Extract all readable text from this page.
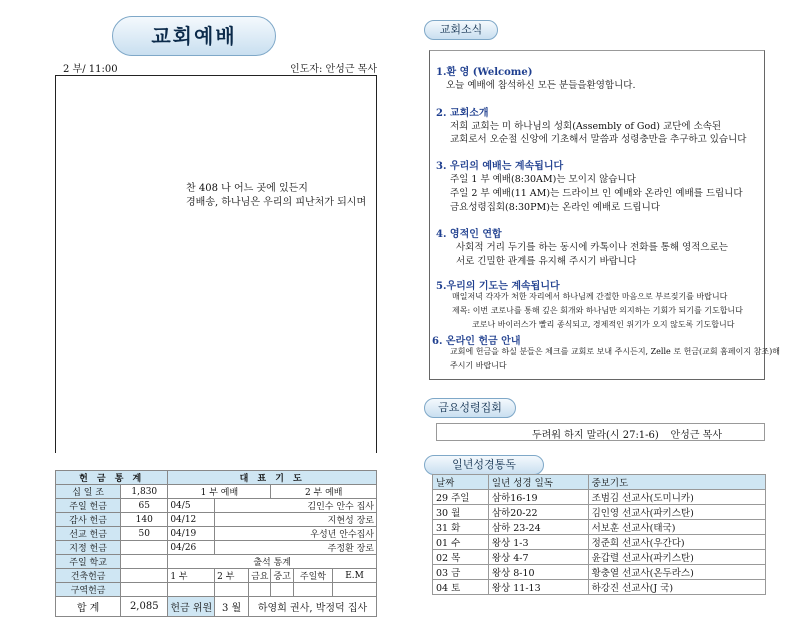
교회예배
2 부/ 11:00	인도자: 안성근 목사
찬 408 나 어느 곳에 있든지
경배송, 하나님은 우리의 피난처가 되시며
헌 금 통 계		대 표 기 도					
십 일 조	1,830	1 부 예배			2 부 예배		
주일 헌금	65	04/5	김인수 안수 집사				
감사 헌금	140	04/12	지현성 장로				
선교 헌금	50	04/19	우성년 안수집사				
지정 헌금		04/26	주정환 장로				
주일 학교		출석 통계					
건축헌금		1 부	2 부	금요	중고	주일학	E.M
구역헌금							
합 계	2,085	헌금 위원	3 월	하영희 권사, 박정덕 집사			
교회소식
1.환 영 (Welcome)
오늘 예배에 참석하신 모든 분들을환영합니다.
2. 교회소개
저희 교회는 미 하나님의 성회(Assembly of God) 교단에 소속된
교회로서 오순절 신앙에 기초해서 말씀과 성령충만을 추구하고 있습니다
3. 우리의 예배는 계속됩니다
주일 1 부 예배(8:30AM)는 모이지 않습니다
주일 2 부 예배(11 AM)는 드라이브 인 예배와 온라인 예배를 드립니다
금요성령집회(8:30PM)는 온라인 예배로 드립니다
4. 영적인 연합
사회적 거리 두기를 하는 동시에 카톡이나 전화를 통해 영적으로는
서로 긴밀한 관계를 유지해 주시기 바랍니다
5.우리의 기도는 계속됩니다
매일저녁 각자가 처한 자리에서 하나님께 간절한 마음으로 부르짖기를 바랍니다
제목: 이번 코로나를 통해 깊은 회개와 하나님만 의지하는 기회가 되기를 기도합니다
코로나 바이러스가 빨리 종식되고, 경제적인 위기가 오지 않도록 기도합니다
6. 온라인 헌금 안내
교회에 헌금을 하실 분들은 체크를 교회로 보내 주시든지, Zelle 로 헌금(교회 홈페이지 참조)해
주시기 바랍니다
금요성령집회
두려워 하지 말라(시 27:1-6) 안성근 목사
일년성경통독
날짜	일년 성경 일독	중보기도
29 주일	삼하16-19	조범김 선교사(도미니카)
30 월	삼하20-22	김인영 선교사(파키스탄)
31 화	삼하 23-24	서보훈 선교사(태국)
01 수	왕상 1-3	정준희 선교사(우간다)
02 목	왕상 4-7	윤갑렬 선교사(파키스탄)
03 금	왕상 8-10	황충열 선교사(온두라스)
04 토	왕상 11-13	하강진 선교사(J 국)
